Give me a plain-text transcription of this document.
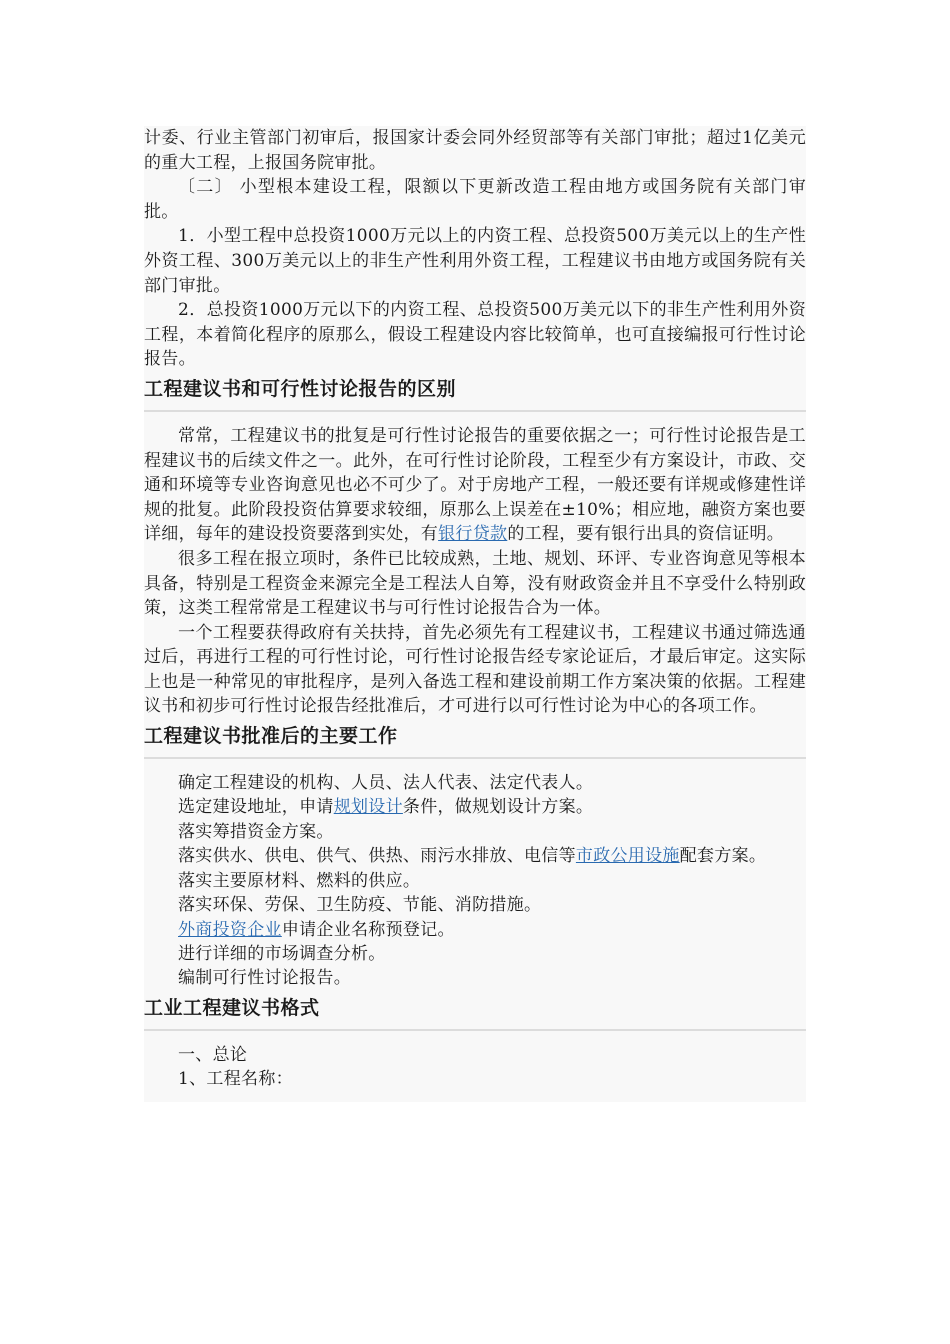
计委、行业主管部门初审后，报国家计委会同外经贸部等有关部门审批；超过1亿美元的重大工程，上报国务院审批。

〔二〕 小型根本建设工程，限额以下更新改造工程由地方或国务院有关部门审批。

1．小型工程中总投资1000万元以上的内资工程、总投资500万美元以上的生产性外资工程、300万美元以上的非生产性利用外资工程，工程建议书由地方或国务院有关部门审批。

2．总投资1000万元以下的内资工程、总投资500万美元以下的非生产性利用外资工程，本着简化程序的原那么，假设工程建设内容比较简单，也可直接编报可行性讨论报告。

工程建议书和可行性讨论报告的区别

常常，工程建议书的批复是可行性讨论报告的重要依据之一；可行性讨论报告是工程建议书的后续文件之一。此外，在可行性讨论阶段，工程至少有方案设计，市政、交通和环境等专业咨询意见也必不可少了。对于房地产工程，一般还要有详规或修建性详规的批复。此阶段投资估算要求较细，原那么上误差在±10%；相应地，融资方案也要详细，每年的建设投资要落到实处，有银行贷款的工程，要有银行出具的资信证明。

很多工程在报立项时，条件已比较成熟，土地、规划、环评、专业咨询意见等根本具备，特别是工程资金来源完全是工程法人自筹，没有财政资金并且不享受什么特别政策，这类工程常常是工程建议书与可行性讨论报告合为一体。

一个工程要获得政府有关扶持，首先必须先有工程建议书，工程建议书通过筛选通过后，再进行工程的可行性讨论，可行性讨论报告经专家论证后，才最后审定。这实际上也是一种常见的审批程序，是列入备选工程和建设前期工作方案决策的依据。工程建议书和初步可行性讨论报告经批准后，才可进行以可行性讨论为中心的各项工作。

工程建议书批准后的主要工作

确定工程建设的机构、人员、法人代表、法定代表人。

选定建设地址，申请规划设计条件，做规划设计方案。

落实筹措资金方案。

落实供水、供电、供气、供热、雨污水排放、电信等市政公用设施配套方案。

落实主要原材料、燃料的供应。

落实环保、劳保、卫生防疫、节能、消防措施。

外商投资企业申请企业名称预登记。

进行详细的市场调查分析。

编制可行性讨论报告。

工业工程建议书格式

一、总论

1、工程名称：
